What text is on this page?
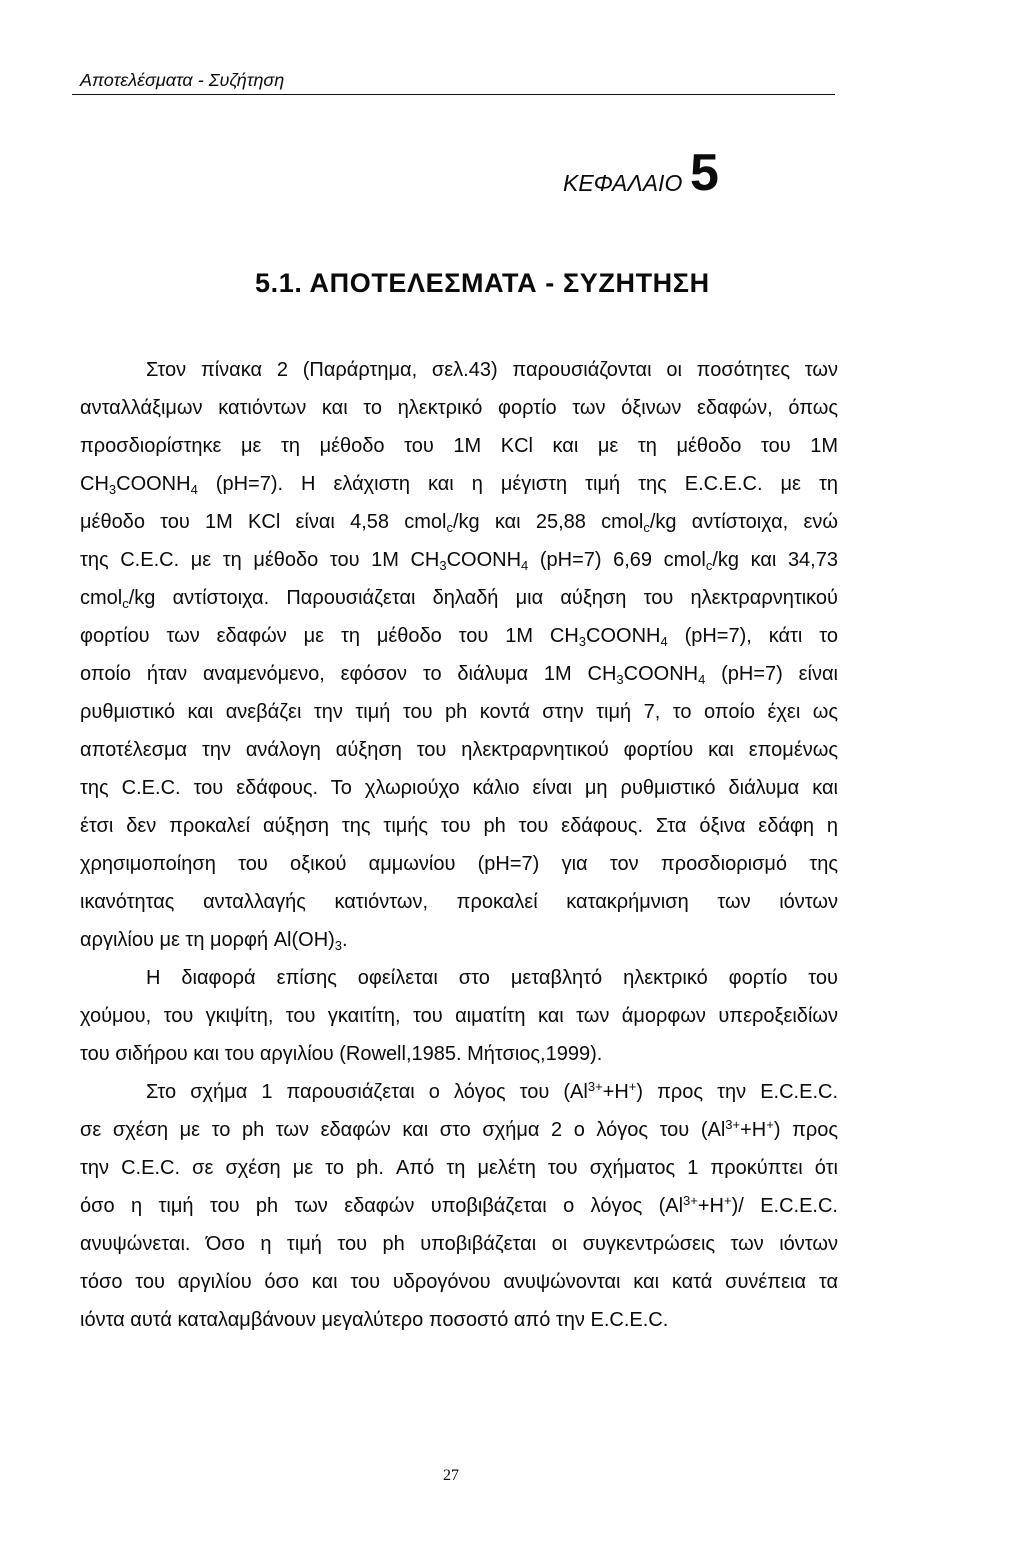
Αποτελέσματα - Συζήτηση
ΚΕΦΑΛΑΙΟ 5
5.1. ΑΠΟΤΕΛΕΣΜΑΤΑ - ΣΥΖΗΤΗΣΗ
Στον πίνακα 2 (Παράρτημα, σελ.43) παρουσιάζονται οι ποσότητες των
ανταλλάξιμων κατιόντων και το ηλεκτρικό φορτίο των όξινων εδαφών, όπως
προσδιορίστηκε με τη μέθοδο του 1M KCl και με τη μέθοδο του 1M
$CH_3COONH_4$ (pH=7). Η ελάχιστη και η μέγιστη τιμή της E.C.E.C. με τη
μέθοδο του 1M KCl είναι 4,58 cmol$_c$/kg και 25,88 cmol$_c$/kg αντίστοιχα, ενώ
της C.E.C. με τη μέθοδο του 1M $CH_3COONH_4$ (pH=7) 6,69 cmol$_c$/kg και 34,73
cmol$_c$/kg αντίστοιχα. Παρουσιάζεται δηλαδή μια αύξηση του ηλεκτραρνητικού
φορτίου των εδαφών με τη μέθοδο του 1M $CH_3COONH_4$ (pH=7), κάτι το
οποίο ήταν αναμενόμενο, εφόσον το διάλυμα 1M $CH_3COONH_4$ (pH=7) είναι
ρυθμιστικό και ανεβάζει την τιμή του ph κοντά στην τιμή 7, το οποίο έχει ως
αποτέλεσμα την ανάλογη αύξηση του ηλεκτραρνητικού φορτίου και επομένως
της C.E.C. του εδάφους. Το χλωριούχο κάλιο είναι μη ρυθμιστικό διάλυμα και
έτσι δεν προκαλεί αύξηση της τιμής του ph του εδάφους. Στα όξινα εδάφη η
χρησιμοποίηση του οξικού αμμωνίου (pH=7) για τον προσδιορισμό της
ικανότητας ανταλλαγής κατιόντων, προκαλεί κατακρήμνιση των ιόντων
αργιλίου με τη μορφή $Al(OH)_3$.
Η διαφορά επίσης οφείλεται στο μεταβλητό ηλεκτρικό φορτίο του
χούμου, του γκιψίτη, του γκαιτίτη, του αιματίτη και των άμορφων υπεροξειδίων
του σιδήρου και του αργιλίου (Rowell,1985. Μήτσιος,1999).
Στο σχήμα 1 παρουσιάζεται ο λόγος του $(Al^{3+}+H^+)$ προς την E.C.E.C.
σε σχέση με το ph των εδαφών και στο σχήμα 2 ο λόγος του $(Al^{3+}+H^+)$ προς
την C.E.C. σε σχέση με το ph. Από τη μελέτη του σχήματος 1 προκύπτει ότι
όσο η τιμή του ph των εδαφών υποβιβάζεται ο λόγος $(Al^{3+}+H^+)/$ E.C.E.C.
ανυψώνεται. Όσο η τιμή του ph υποβιβάζεται οι συγκεντρώσεις των ιόντων
τόσο του αργιλίου όσο και του υδρογόνου ανυψώνονται και κατά συνέπεια τα
ιόντα αυτά καταλαμβάνουν μεγαλύτερο ποσοστό από την E.C.E.C.
27
